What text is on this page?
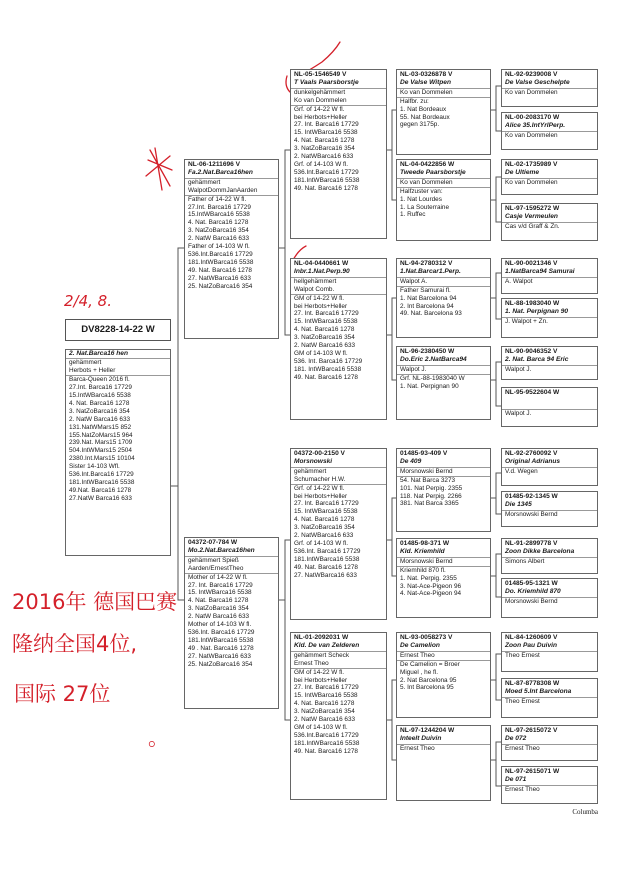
DV8228-14-22 W
2. Nat.Barca16 hen
gehämmert
Herbots + Heller
Barca-Queen 2016 fl.
27.Int. Barca16 17729
15.IntWBarca16 5538
4. Nat. Barca16 1278
3. NatZoBarca16 354
2. NatW Barca16 633
131.NatWMars15 852
155.NatZoMars15 964
239.Nat. Mars15 1709
504.IntWMars15 2504
2380.Int.Mars15 10104
Sister 14-103 Wfl.
536.Int.Barca16 17729
181.IntWBarca16 5538
49.Nat. Barca16 1278
27.NatW Barca16 633
NL-06-1211696 V
Fa.2.Nat.Barca16hen
gehämmert
WalpotDommJanAarden
Father of 14-22 W fl.
27.Int. Barca16 17729
15.IntWBarca16 5538
4. Nat. Barca16 1278
3. NatZoBarca16 354
2. NatW Barca16 633
Father of 14-103 W fl.
536.Int.Barca16 17729
181.IntWBarca16 5538
49. Nat. Barca16 1278
27. NatWBarca16 633
25. NatZoBarca16 354
04372-07-784 W
Mo.2.Nat.Barca16hen
gehämmert Spieß
Aarden/ErnestTheo
Mother of 14-22 W fl.
27. Int. Barca16 17729
15. IntWBarca16 5538
4. Nat. Barca16 1278
3. NatZoBarca16 354
2. NatW Barca16 633
Mother of 14-103 W fl.
536.Int. Barca16 17729
181.IntWBarca16 5538
49 . Nat. Barca16 1278
27. NatWBarca16 633
25. NatZoBarca16 354
NL-05-1546549 V
T Vaals Paarsborstje
dunkelgehämmert
Ko van Dommelen
Grf. of 14-22 W fl.
bei Herbots+Heller
27. Int. Barca16 17729
15. IntWBarca16 5538
4. Nat. Barca16 1278
3. NatZoBarca16 354
2. NatWBarca16 633
Grf. of 14-103 W fl.
536.Int.Barca16 17729
181.IntWBarca16 5538
49. Nat. Barca16 1278
NL-04-0440661 W
Inbr.1.Nat.Perp.90
hellgehämmert
Walpot Comb.
GM of 14-22 W fl.
bei Herbots+Heller
27. Int. Barca16 17729
15. IntWBarca16 5538
4. Nat. Barca16 1278
3. NatZoBarca16 354
2. NatW Barca16 633
GM of 14-103 W fl.
536. Int. Barca16 17729
181. IntWBarca16 5538
49. Nat. Barca16 1278
04372-00-2150 V
Morsnowski
gehämmert
Schumacher H.W.
Grf. of 14-22 W fl.
bei Herbots+Heller
27. Int. Barca16 17729
15. IntWBarca16 5538
4. Nat. Barca16 1278
3. NatZoBarca16 354
2. NatWBarca16 633
Grf. of 14-103 W fl.
536.Int. Barca16 17729
181.IntWBarca16 5538
49. Nat. Barca16 1278
27. NatWBarca16 633
NL-01-2092031 W
Kld. De van Zelderen
gehämmert Scheck
Ernest Theo
GM of 14-22 W fl.
bei Herbots+Heller
27. Int. Barca16 17729
15. IntWBarca16 5538
4. Nat. Barca16 1278
3. NatZoBarca16 354
2. NatW Barca16 633
GM of 14-103 W fl.
536.Int.Barca16 17729
181.IntWBarca16 5538
49. Nat. Barca16 1278
NL-03-0326878 V
De Valse Witpen
Ko van Dommelen
Halfbr. zu:
1. Nat Bordeaux
55. Nat Bordeaux
gegen 3175p.
NL-04-0422856 W
Tweede Paarsborstje
Ko van Dommelen
Halfzuster van:
1. Nat Lourdes
1. La Souterraine
1. Ruffec
NL-94-2780312 V
1.Nat.Barcar1.Perp.
Walpot A.
Father Samurai fl.
1. Nat Barcelona 94
2. Int Barcelona 94
49. Nat. Barcelona 93
NL-96-2380450 W
Do.Eric 2.NatBarca94
Walpot J.
Grf. NL-88-1983040 W
1. Nat. Perpignan 90
01485-93-409 V
De 409
Morsnowski Bernd
54. Nat Barca 3273
101. Nat Perpig. 2355
118. Nat Perpig. 2266
381. Nat Barca 3365
01485-98-371 W
Kld. Kriemhild
Morsnowski Bernd
Kriemhild 870 fl.
1. Nat. Perpig. 2355
3. Nat-Ace-Pigeon 96
4. Nat-Ace-Pigeon 94
NL-93-0058273 V
De Camelion
Ernest Theo
De Camelion = Broer
Miguel , he fl.
2. Nat Barcelona 95
5. Int Barcelona 95
NL-97-1244204 W
Inteelt Duivin
Ernest Theo
NL-92-9239008 V
De Valse Geschelpte
Ko van Dommelen
NL-00-2083170 W
Alice 35.IntYrlPerp.
Ko van Dommelen
NL-02-1735989 V
De Ultieme
Ko van Dommelen
NL-97-1595272 W
Casje Vermeulen
Cas v/d Graff & Zn.
NL-90-0021346 V
1.NatBarca94 Samurai
A. Walpot
NL-88-1983040 W
1. Nat. Perpignan 90
J. Walpot + Zn.
NL-90-9046352 V
2. Nat. Barca 94 Eric
Walpot J.
NL-95-9522604 W
Walpot J.
NL-92-2760092 V
Original Adrianus
V.d. Wegen
01485-92-1345 W
Die 1345
Morsnowski Bernd
NL-91-2899778 V
Zoon Dikke Barcelona
Simons Albert
01485-95-1321 W
Do. Kriemhild 870
Morsnowski Bernd
NL-84-1260609 V
Zoon Pau Duivin
Theo Ernest
NL-87-8778308 W
Moed 5.Int Barcelona
Theo Ernest
NL-97-2615072 V
De 072
Ernest Theo
NL-97-2615071 W
De 071
Ernest Theo
Columba
2/4, 8.
2016年 德国巴赛
隆纳全国4位,
国际 27位
。
